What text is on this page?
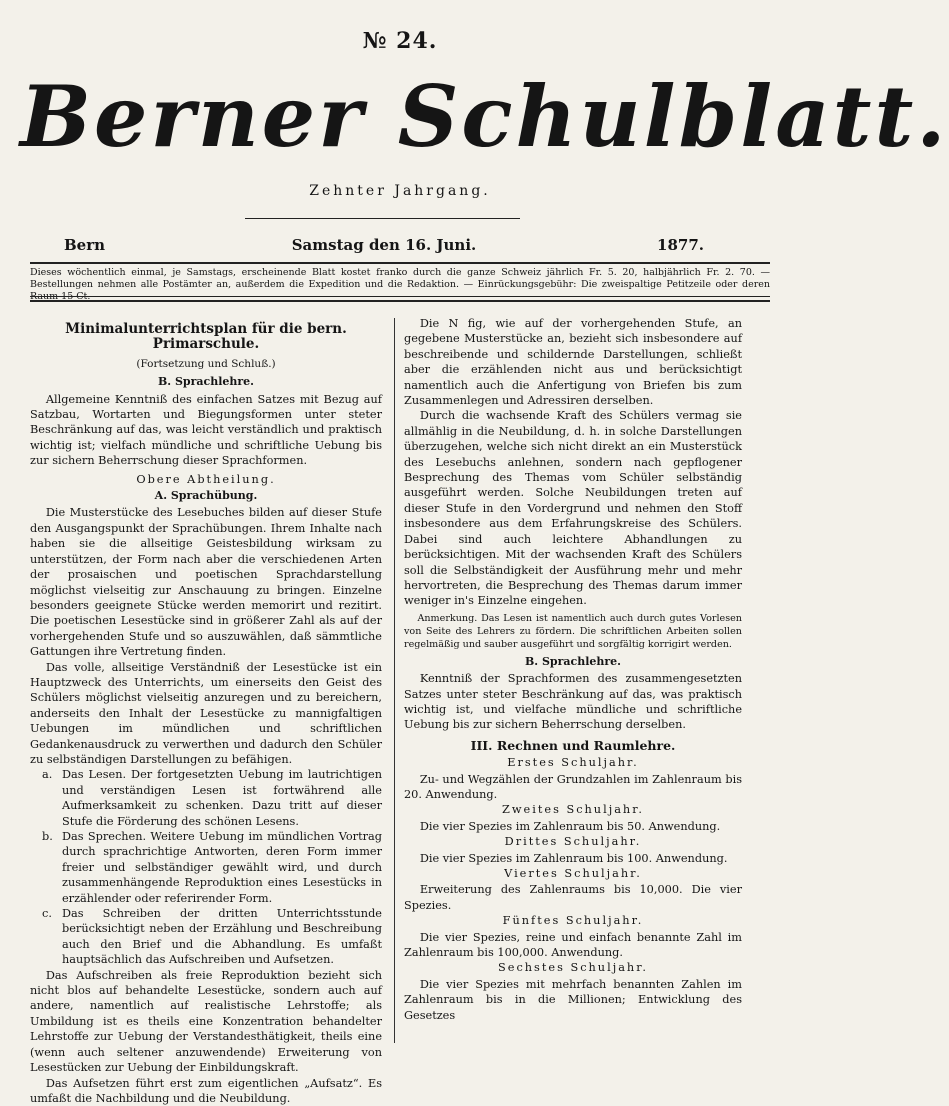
№ 24.
Berner Schulblatt.
Zehnter Jahrgang.
Bern	Samstag den 16. Juni.	1877.
Dieses wöchentlich einmal, je Samstags, erscheinende Blatt kostet franko durch die ganze Schweiz jährlich Fr. 5. 20, halbjährlich Fr. 2. 70. — Bestellungen nehmen alle Postämter an, außerdem die Expedition und die Redaktion. — Einrückungsgebühr: Die zweispaltige Petitzeile oder deren Raum 15 Ct.
Minimalunterrichtsplan für die bern. Primarschule.
(Fortsetzung und Schluß.)
B. Sprachlehre.

Allgemeine Kenntniß des einfachen Satzes mit Bezug auf Satzbau, Wortarten und Biegungsformen unter steter Beschränkung auf das, was leicht verständlich und praktisch wichtig ist; vielfach mündliche und schriftliche Uebung bis zur sichern Beherrschung dieser Sprachformen.

Obere Abtheilung.
A. Sprachübung.

Die Musterstücke des Lesebuches bilden auf dieser Stufe den Ausgangspunkt der Sprachübungen. Ihrem Inhalte nach haben sie die allseitige Geistesbildung wirksam zu unterstützen, der Form nach aber die verschiedenen Arten der prosaischen und poetischen Sprachdarstellung möglichst vielseitig zur Anschauung zu bringen. Einzelne besonders geeignete Stücke werden memorirt und rezitirt. Die poetischen Lesestücke sind in größerer Zahl als auf der vorhergehenden Stufe und so auszuwählen, daß sämmtliche Gattungen ihre Vertretung finden.

Das volle, allseitige Verständniß der Lesestücke ist ein Hauptzweck des Unterrichts, um einerseits den Geist des Schülers möglichst vielseitig anzuregen und zu bereichern, anderseits den Inhalt der Lesestücke zu mannigfaltigen Uebungen im mündlichen und schriftlichen Gedankenausdruck zu verwerthen und dadurch den Schüler zu selbständigen Darstellungen zu befähigen.

a. Das Lesen. Der fortgesetzten Uebung im lautrichtigen und verständigen Lesen ist fortwährend alle Aufmerksamkeit zu schenken. Dazu tritt auf dieser Stufe die Förderung des schönen Lesens.
b. Das Sprechen. Weitere Uebung im mündlichen Vortrag durch sprachrichtige Antworten, deren Form immer freier und selbständiger gewählt wird, und durch zusammenhängende Reproduktion eines Lesestücks in erzählender oder referirender Form.
c. Das Schreiben der dritten Unterrichtsstunde berücksichtigt neben der Erzählung und Beschreibung auch den Brief und die Abhandlung. Es umfaßt hauptsächlich das Aufschreiben und Aufsetzen.

Das Aufschreiben als freie Reproduktion bezieht sich nicht blos auf behandelte Lesestücke, sondern auch auf andere, namentlich auf realistische Lehrstoffe; als Umbildung ist es theils eine Konzentration behandelter Lehrstoffe zur Uebung der Verstandesthätigkeit, theils eine (wenn auch seltener anzuwendende) Erweiterung von Lesestücken zur Uebung der Einbildungskraft.

Das Aufsetzen führt erst zum eigentlichen „Aufsatz“. Es umfaßt die Nachbildung und die Neubildung.

Die N fig, wie auf der vorhergehenden Stufe, an gegebene Musterstücke an, bezieht sich insbesondere auf beschreibende und schildernde Darstellungen, schließt aber die erzählenden nicht aus und berücksichtigt namentlich auch die Anfertigung von Briefen bis zum Zusammenlegen und Adressiren derselben.

Durch die wachsende Kraft des Schülers vermag sie allmählig in die Neubildung, d. h. in solche Darstellungen überzugehen, welche sich nicht direkt an ein Musterstück des Lesebuchs anlehnen, sondern nach gepflogener Besprechung des Themas vom Schüler selbständig ausgeführt werden. Solche Neubildungen treten auf dieser Stufe in den Vordergrund und nehmen den Stoff insbesondere aus dem Erfahrungskreise des Schülers. Dabei sind auch leichtere Abhandlungen zu berücksichtigen. Mit der wachsenden Kraft des Schülers soll die Selbständigkeit der Ausführung mehr und mehr hervortreten, die Besprechung des Themas darum immer weniger in's Einzelne eingehen.

Anmerkung. Das Lesen ist namentlich auch durch gutes Vorlesen von Seite des Lehrers zu fördern. Die schriftlichen Arbeiten sollen regelmäßig und sauber ausgeführt und sorgfältig korrigirt werden.

B. Sprachlehre.

Kenntniß der Sprachformen des zusammengesetzten Satzes unter steter Beschränkung auf das, was praktisch wichtig ist, und vielfache mündliche und schriftliche Uebung bis zur sichern Beherrschung derselben.

III. Rechnen und Raumlehre.
Erstes Schuljahr.

Zu- und Wegzählen der Grundzahlen im Zahlenraum bis 20. Anwendung.

Zweites Schuljahr.

Die vier Spezies im Zahlenraum bis 50. Anwendung.

Drittes Schuljahr.

Die vier Spezies im Zahlenraum bis 100. Anwendung.

Viertes Schuljahr.

Erweiterung des Zahlenraums bis 10,000. Die vier Spezies.

Fünftes Schuljahr.

Die vier Spezies, reine und einfach benannte Zahl im Zahlenraum bis 100,000. Anwendung.

Sechstes Schuljahr.

Die vier Spezies mit mehrfach benannten Zahlen im Zahlenraum bis in die Millionen; Entwicklung des Gesetzes
